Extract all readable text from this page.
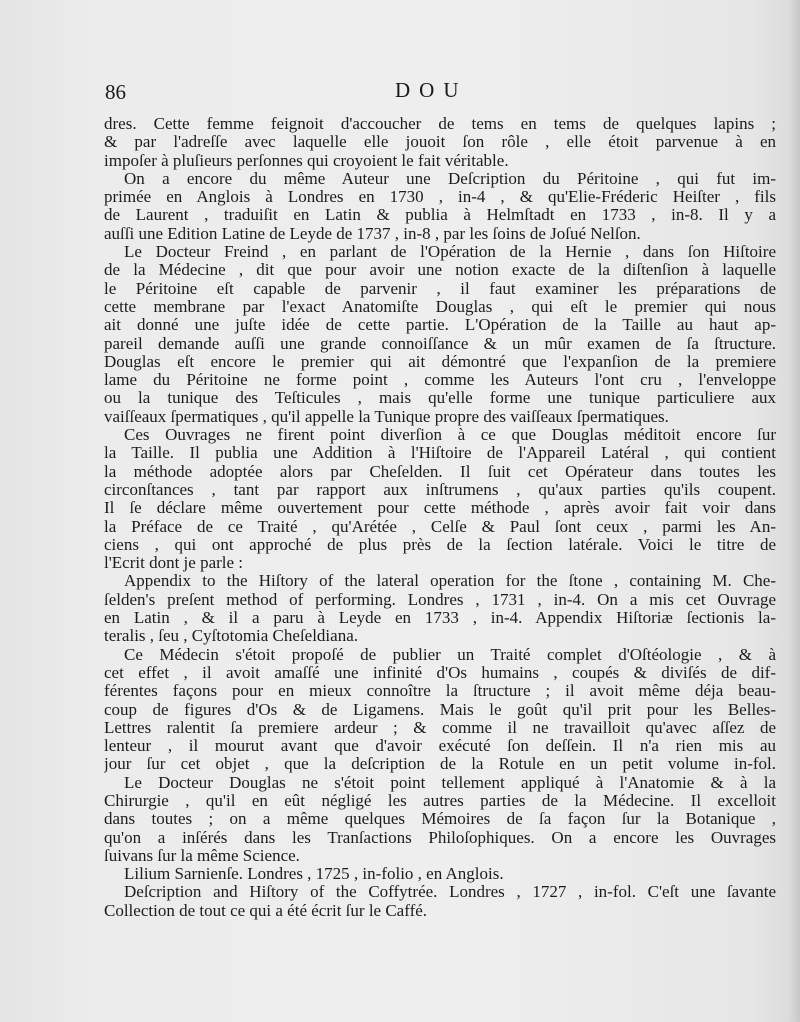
86	DOU
dres. Cette femme feignoit d'accoucher de tems en tems de quelques lapins ;
& par l'adreſſe avec laquelle elle jouoit ſon rôle , elle étoit parvenue à en
impoſer à pluſieurs perſonnes qui croyoient le fait véritable.
On a encore du même Auteur une Deſcription du Péritoine , qui fut im-
primée en Anglois à Londres en 1730 , in-4 , & qu'Elie-Fréderic Heiſter , fils
de Laurent , traduiſit en Latin & publia à Helmſtadt en 1733 , in-8. Il y a
auſſi une Edition Latine de Leyde de 1737 , in-8 , par les ſoins de Joſué Nelſon.
Le Docteur Freind , en parlant de l'Opération de la Hernie , dans ſon Hiſtoire
de la Médecine , dit que pour avoir une notion exacte de la diſtenſion à laquelle
le Péritoine eſt capable de parvenir , il faut examiner les préparations de
cette membrane par l'exact Anatomiſte Douglas , qui eſt le premier qui nous
ait donné une juſte idée de cette partie. L'Opération de la Taille au haut ap-
pareil demande auſſi une grande connoiſſance & un mûr examen de ſa ſtructure.
Douglas eſt encore le premier qui ait démontré que l'expanſion de la premiere
lame du Péritoine ne forme point , comme les Auteurs l'ont cru , l'enveloppe
ou la tunique des Teſticules , mais qu'elle forme une tunique particuliere aux
vaiſſeaux ſpermatiques , qu'il appelle la Tunique propre des vaiſſeaux ſpermatiques.
Ces Ouvrages ne firent point diverſion à ce que Douglas méditoit encore ſur
la Taille. Il publia une Addition à l'Hiſtoire de l'Appareil Latéral , qui contient
la méthode adoptée alors par Cheſelden. Il ſuit cet Opérateur dans toutes les
circonſtances , tant par rapport aux inſtrumens , qu'aux parties qu'ils coupent.
Il ſe déclare même ouvertement pour cette méthode , après avoir fait voir dans
la Préface de ce Traité , qu'Arétée , Celſe & Paul ſont ceux , parmi les An-
ciens , qui ont approché de plus près de la ſection latérale. Voici le titre de
l'Ecrit dont je parle :
Appendix to the Hiſtory of the lateral operation for the ſtone , containing M. Che-
ſelden's preſent method of performing. Londres , 1731 , in-4. On a mis cet Ouvrage
en Latin , & il a paru à Leyde en 1733 , in-4. Appendix Hiſtoriæ ſectionis la-
teralis , ſeu , Cyſtotomia Cheſeldiana.
Ce Médecin s'étoit propoſé de publier un Traité complet d'Oſtéologie , & à
cet effet , il avoit amaſſé une infinité d'Os humains , coupés & diviſés de dif-
férentes façons pour en mieux connoître la ſtructure ; il avoit même déja beau-
coup de figures d'Os & de Ligamens. Mais le goût qu'il prit pour les Belles-
Lettres ralentit ſa premiere ardeur ; & comme il ne travailloit qu'avec aſſez de
lenteur , il mourut avant que d'avoir exécuté ſon deſſein. Il n'a rien mis au
jour ſur cet objet , que la deſcription de la Rotule en un petit volume in-fol.
Le Docteur Douglas ne s'étoit point tellement appliqué à l'Anatomie & à la
Chirurgie , qu'il en eût négligé les autres parties de la Médecine. Il excelloit
dans toutes ; on a même quelques Mémoires de ſa façon ſur la Botanique ,
qu'on a inſérés dans les Tranſactions Philoſophiques. On a encore les Ouvrages
ſuivans ſur la même Science.
Lilium Sarnienſe. Londres , 1725 , in-folio , en Anglois.
Deſcription and Hiſtory of the Coffytrée. Londres , 1727 , in-fol. C'eſt une ſavante
Collection de tout ce qui a été écrit ſur le Caffé.
